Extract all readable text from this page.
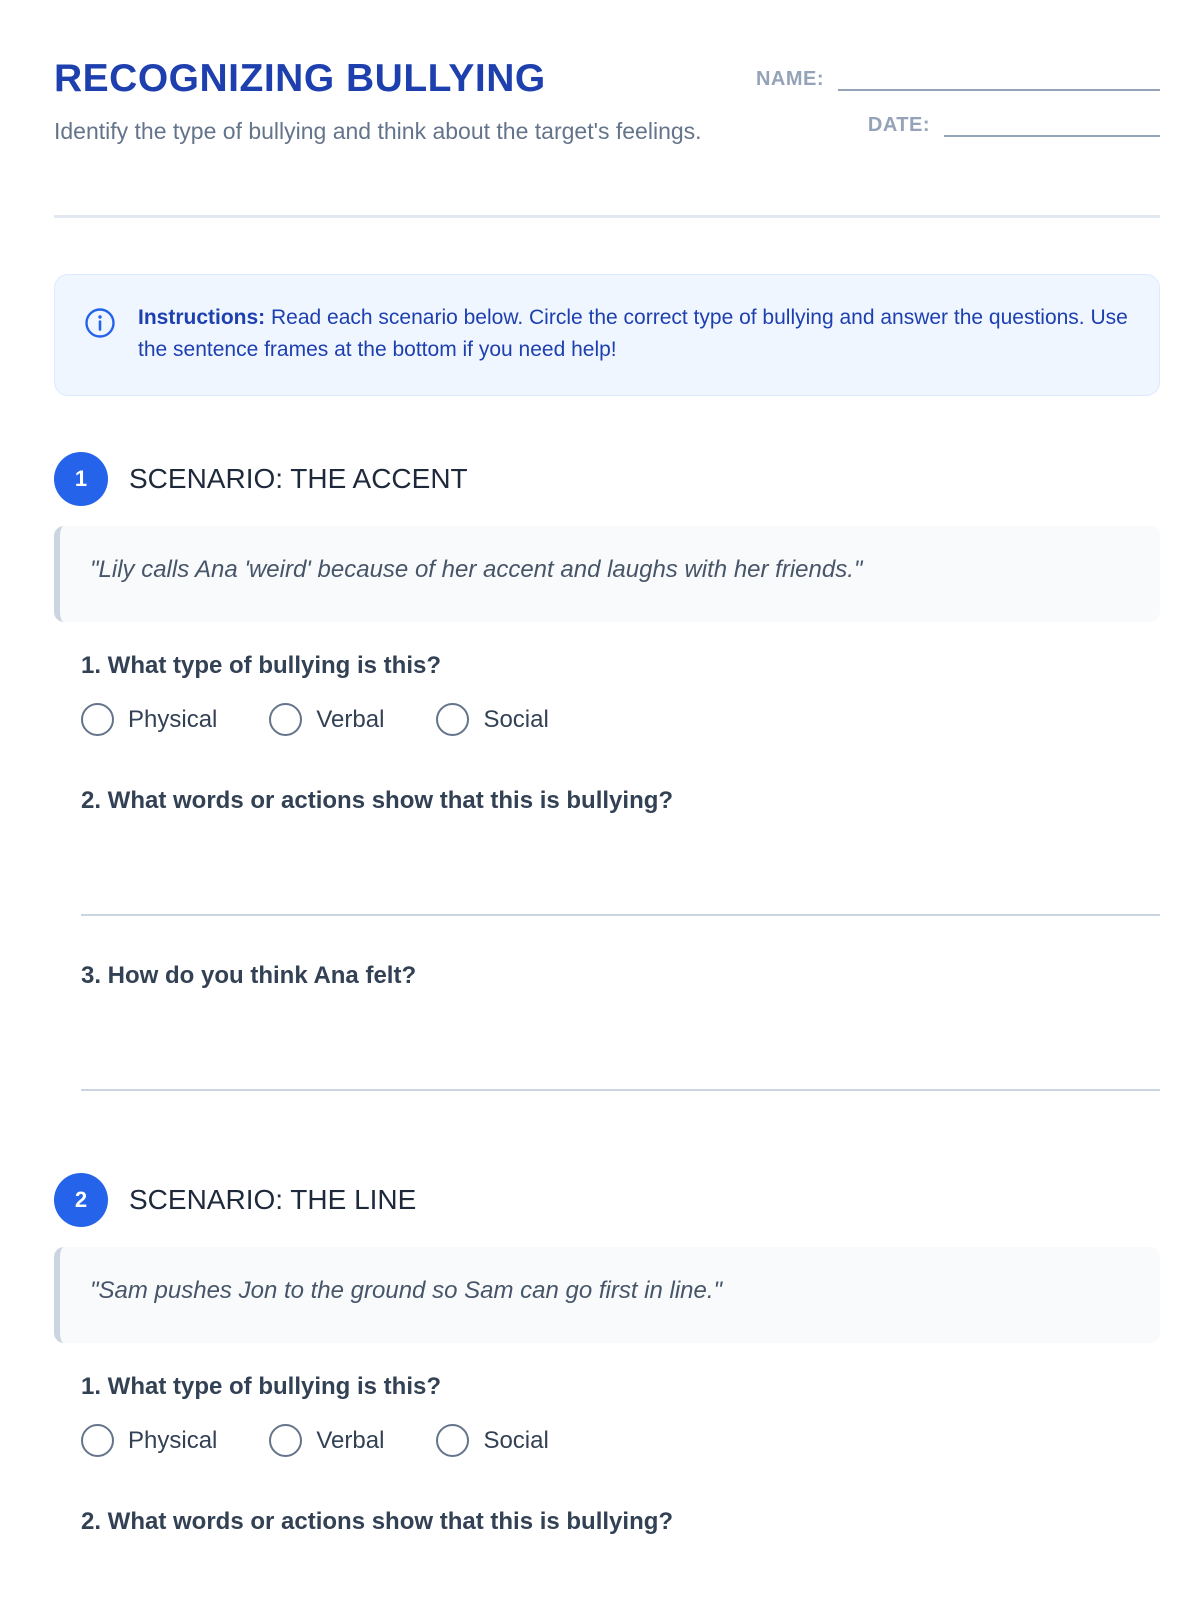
RECOGNIZING BULLYING
Identify the type of bullying and think about the target's feelings.
NAME:
DATE:
Instructions: Read each scenario below. Circle the correct type of bullying and answer the questions. Use the sentence frames at the bottom if you need help!
1	SCENARIO: THE ACCENT
"Lily calls Ana 'weird' because of her accent and laughs with her friends."
1. What type of bullying is this?
Physical	Verbal	Social
2. What words or actions show that this is bullying?
3. How do you think Ana felt?
2	SCENARIO: THE LINE
"Sam pushes Jon to the ground so Sam can go first in line."
1. What type of bullying is this?
Physical	Verbal	Social
2. What words or actions show that this is bullying?
